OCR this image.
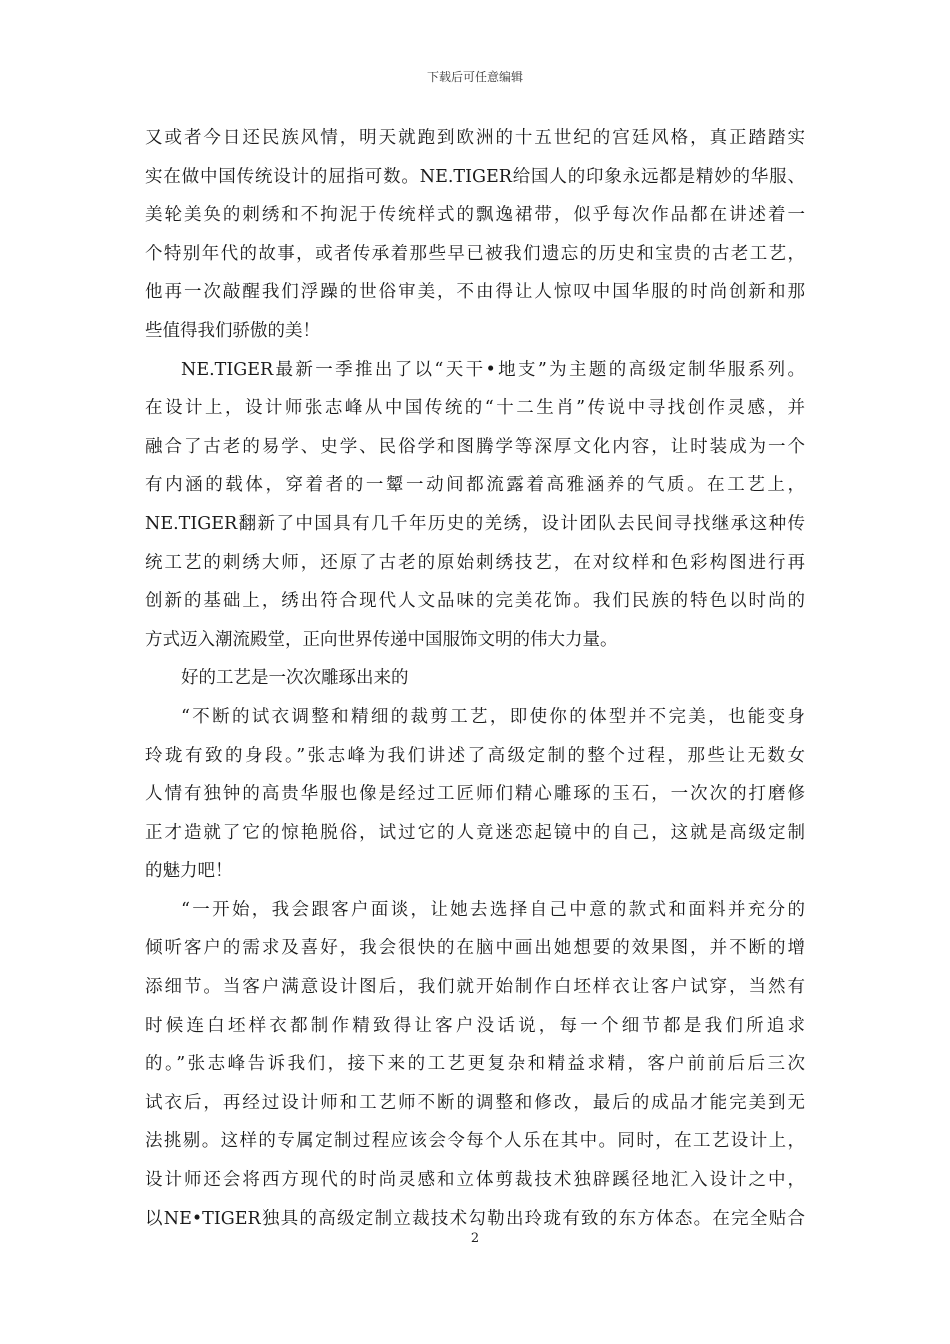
下载后可任意编辑
又或者今日还民族风情，明天就跑到欧洲的十五世纪的宫廷风格，真正踏踏实
实在做中国传统设计的屈指可数。NE.TIGER给国人的印象永远都是精妙的华服、
美轮美奂的刺绣和不拘泥于传统样式的飘逸裙带，似乎每次作品都在讲述着一
个特别年代的故事，或者传承着那些早已被我们遗忘的历史和宝贵的古老工艺，
他再一次敲醒我们浮躁的世俗审美，不由得让人惊叹中国华服的时尚创新和那
些值得我们骄傲的美！
NE.TIGER最新一季推出了以“天干•地支”为主题的高级定制华服系列。
在设计上，设计师张志峰从中国传统的“十二生肖”传说中寻找创作灵感，并
融合了古老的易学、史学、民俗学和图腾学等深厚文化内容，让时装成为一个
有内涵的载体，穿着者的一颦一动间都流露着高雅涵养的气质。在工艺上，
NE.TIGER翻新了中国具有几千年历史的羌绣，设计团队去民间寻找继承这种传
统工艺的刺绣大师，还原了古老的原始刺绣技艺，在对纹样和色彩构图进行再
创新的基础上，绣出符合现代人文品味的完美花饰。我们民族的特色以时尚的
方式迈入潮流殿堂，正向世界传递中国服饰文明的伟大力量。
好的工艺是一次次雕琢出来的
“不断的试衣调整和精细的裁剪工艺，即使你的体型并不完美，也能变身
玲珑有致的身段。”张志峰为我们讲述了高级定制的整个过程，那些让无数女
人情有独钟的高贵华服也像是经过工匠师们精心雕琢的玉石，一次次的打磨修
正才造就了它的惊艳脱俗，试过它的人竟迷恋起镜中的自己，这就是高级定制
的魅力吧！
“一开始，我会跟客户面谈，让她去选择自己中意的款式和面料并充分的
倾听客户的需求及喜好，我会很快的在脑中画出她想要的效果图，并不断的增
添细节。当客户满意设计图后，我们就开始制作白坯样衣让客户试穿，当然有
时候连白坯样衣都制作精致得让客户没话说，每一个细节都是我们所追求
的。”张志峰告诉我们，接下来的工艺更复杂和精益求精，客户前前后后三次
试衣后，再经过设计师和工艺师不断的调整和修改，最后的成品才能完美到无
法挑剔。这样的专属定制过程应该会令每个人乐在其中。同时，在工艺设计上，
设计师还会将西方现代的时尚灵感和立体剪裁技术独辟蹊径地汇入设计之中，
以NE•TIGER独具的高级定制立裁技术勾勒出玲珑有致的东方体态。在完全贴合
2
